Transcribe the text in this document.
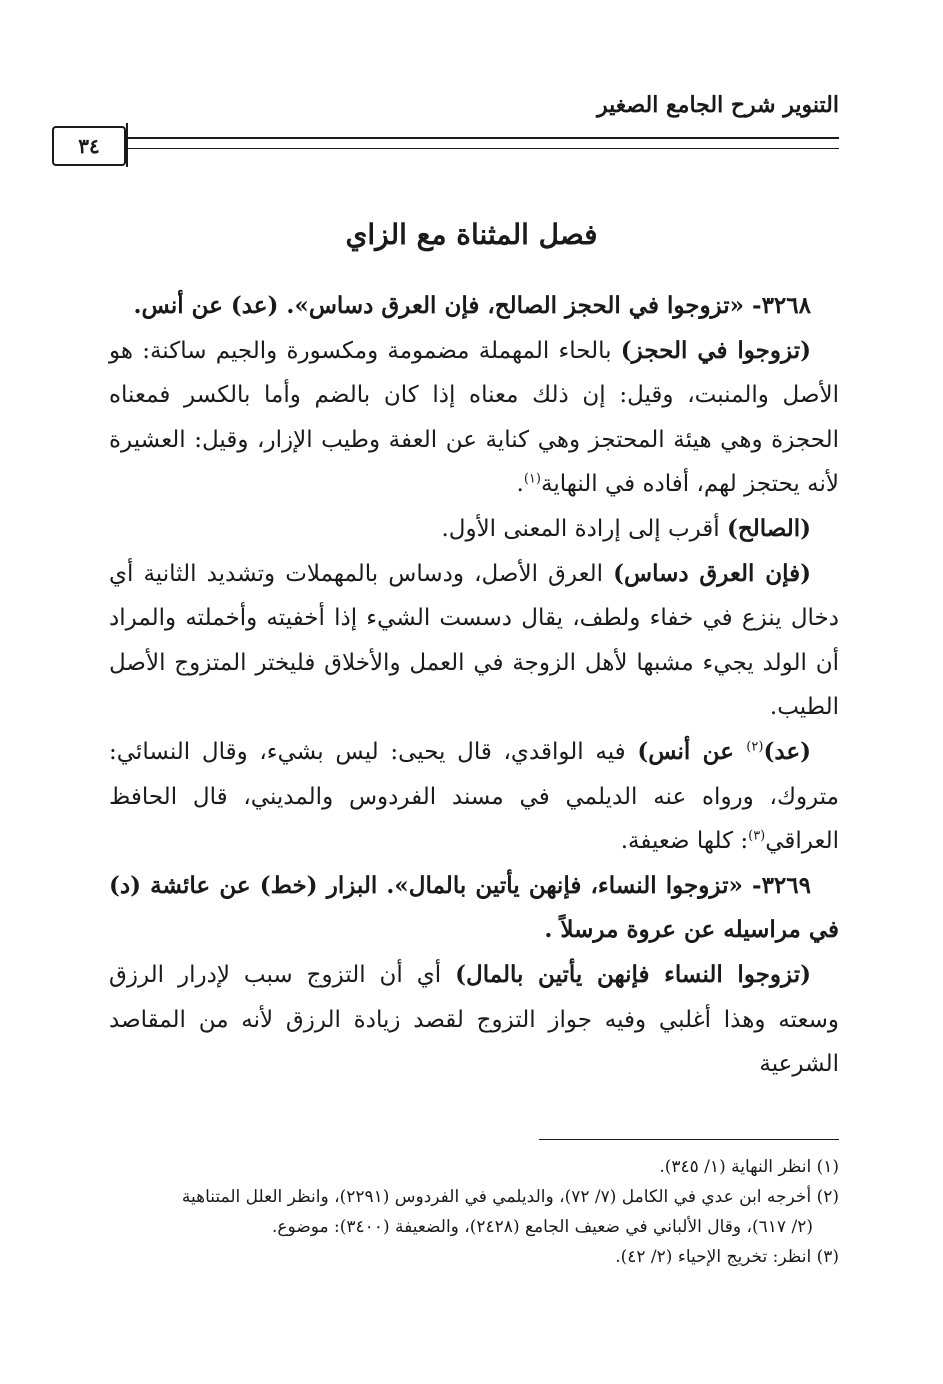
التنوير شرح الجامع الصغير
٣٤
فصل المثناة مع الزاي

٣٢٦٨- «تزوجوا في الحجز الصالح، فإن العرق دساس». (عد) عن أنس.

(تزوجوا في الحجز) بالحاء المهملة مضمومة ومكسورة والجيم ساكنة: هو الأصل والمنبت، وقيل: إن ذلك معناه إذا كان بالضم وأما بالكسر فمعناه الحجزة وهي هيئة المحتجز وهي كناية عن العفة وطيب الإزار، وقيل: العشيرة لأنه يحتجز لهم، أفاده في النهاية$^{(١)}$.

(الصالح) أقرب إلى إرادة المعنى الأول.

(فإن العرق دساس) العرق الأصل، ودساس بالمهملات وتشديد الثانية أي دخال ينزع في خفاء ولطف، يقال دسست الشيء إذا أخفيته وأخملته والمراد أن الولد يجيء مشبها لأهل الزوجة في العمل والأخلاق فليختر المتزوج الأصل الطيب.

(عد)$^{(٢)}$ عن أنس) فيه الواقدي، قال يحيى: ليس بشيء، وقال النسائي: متروك، ورواه عنه الديلمي في مسند الفردوس والمديني، قال الحافظ العراقي$^{(٣)}$: كلها ضعيفة.

٣٢٦٩- «تزوجوا النساء، فإنهن يأتين بالمال». البزار (خط) عن عائشة (د) في مراسيله عن عروة مرسلاً .

(تزوجوا النساء فإنهن يأتين بالمال) أي أن التزوج سبب لإدرار الرزق وسعته وهذا أغلبي وفيه جواز التزوج لقصد زيادة الرزق لأنه من المقاصد الشرعية

(١) انظر النهاية (١/ ٣٤٥).

(٢) أخرجه ابن عدي في الكامل (٧/ ٧٢)، والديلمي في الفردوس (٢٢٩١)، وانظر العلل المتناهية

(٢/ ٦١٧)، وقال الألباني في ضعيف الجامع (٢٤٢٨)، والضعيفة (٣٤٠٠): موضوع.

(٣) انظر: تخريج الإحياء (٢/ ٤٢).
